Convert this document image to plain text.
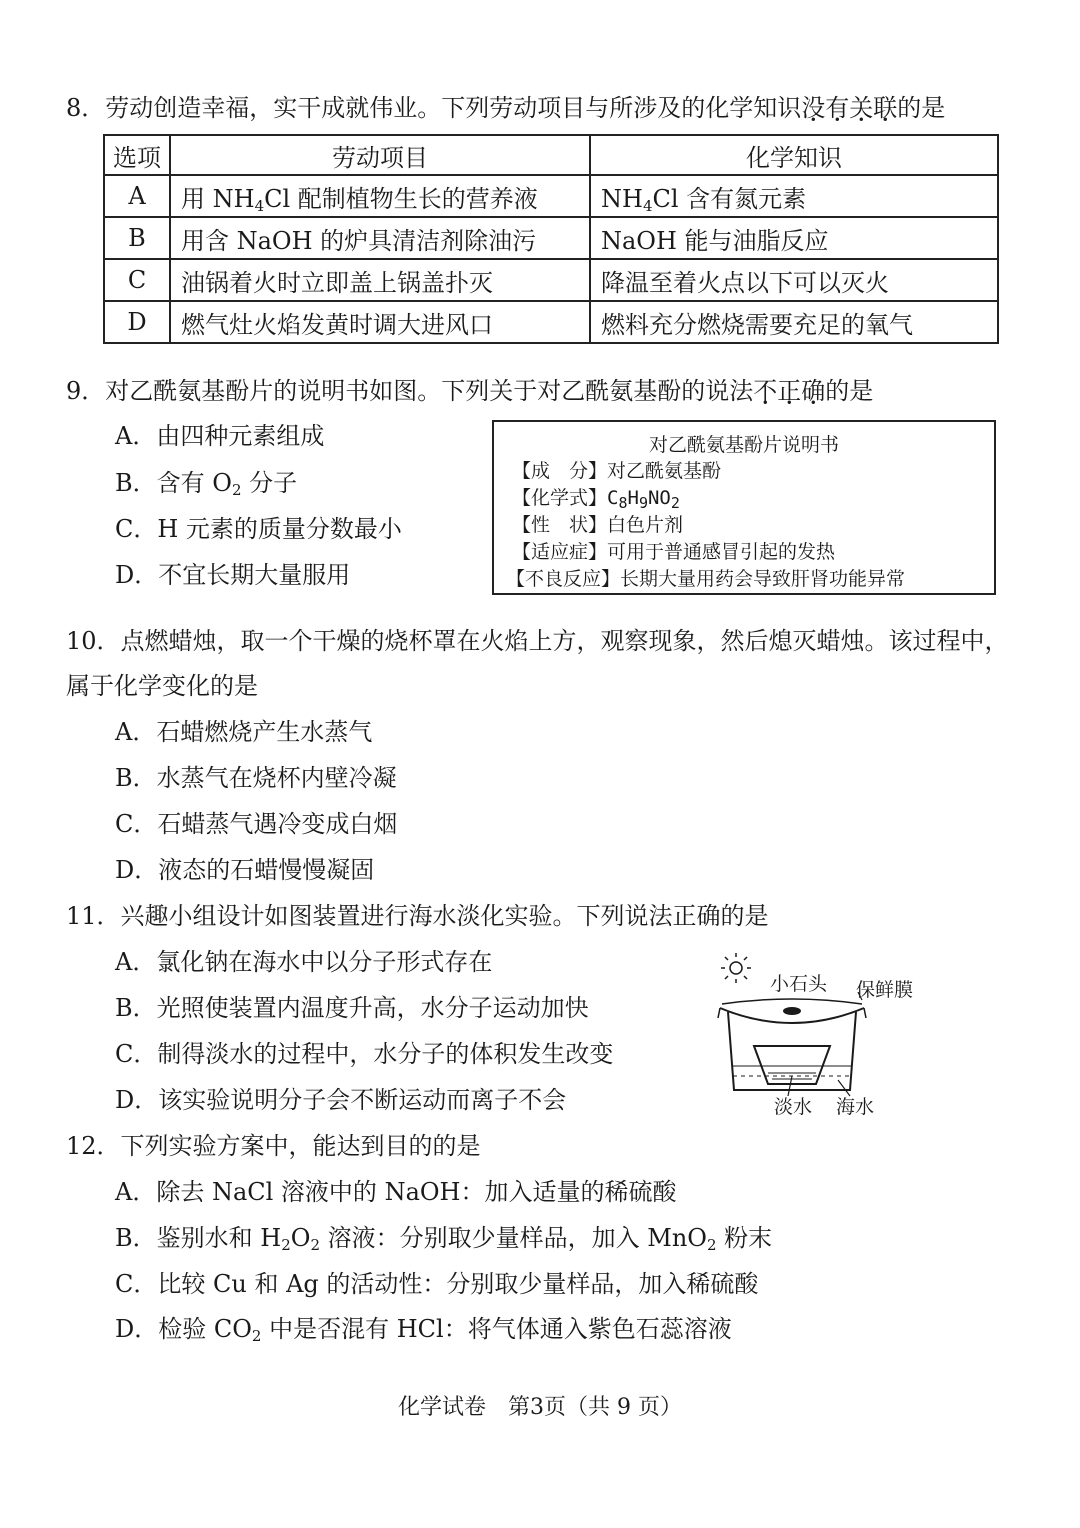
8．劳动创造幸福，实干成就伟业。下列劳动项目与所涉及的化学知识没有关联的是
选项	劳动项目	化学知识
A	用 $NH_4Cl$ 配制植物生长的营养液	$NH_4Cl$ 含有氮元素
B	用含 NaOH 的炉具清洁剂除油污	NaOH 能与油脂反应
C	油锅着火时立即盖上锅盖扑灭	降温至着火点以下可以灭火
D	燃气灶火焰发黄时调大进风口	燃料充分燃烧需要充足的氧气
9．对乙酰氨基酚片的说明书如图。下列关于对乙酰氨基酚的说法不正确的是
A．由四种元素组成
B．含有 $O_2$ 分子
C．H 元素的质量分数最小
D．不宜长期大量服用
对乙酰氨基酚片说明书
【成　分】对乙酰氨基酚
【化学式】$C_8H_9NO_2$
【性　状】白色片剂
【适应症】可用于普通感冒引起的发热
【不良反应】长期大量用药会导致肝肾功能异常
10．点燃蜡烛，取一个干燥的烧杯罩在火焰上方，观察现象，然后熄灭蜡烛。该过程中，
属于化学变化的是
A．石蜡燃烧产生水蒸气
B．水蒸气在烧杯内壁冷凝
C．石蜡蒸气遇冷变成白烟
D．液态的石蜡慢慢凝固
11．兴趣小组设计如图装置进行海水淡化实验。下列说法正确的是
A．氯化钠在海水中以分子形式存在
B．光照使装置内温度升高，水分子运动加快
C．制得淡水的过程中，水分子的体积发生改变
D．该实验说明分子会不断运动而离子不会
小石头 保鲜膜
淡水 海水
12．下列实验方案中，能达到目的的是
A．除去 NaCl 溶液中的 NaOH：加入适量的稀硫酸
B．鉴别水和 $H_2O_2$ 溶液：分别取少量样品，加入 MnO$_2$ 粉末
C．比较 Cu 和 Ag 的活动性：分别取少量样品，加入稀硫酸
D．检验 $CO_2$ 中是否混有 HCl：将气体通入紫色石蕊溶液
化学试卷　第3页（共 9 页）
